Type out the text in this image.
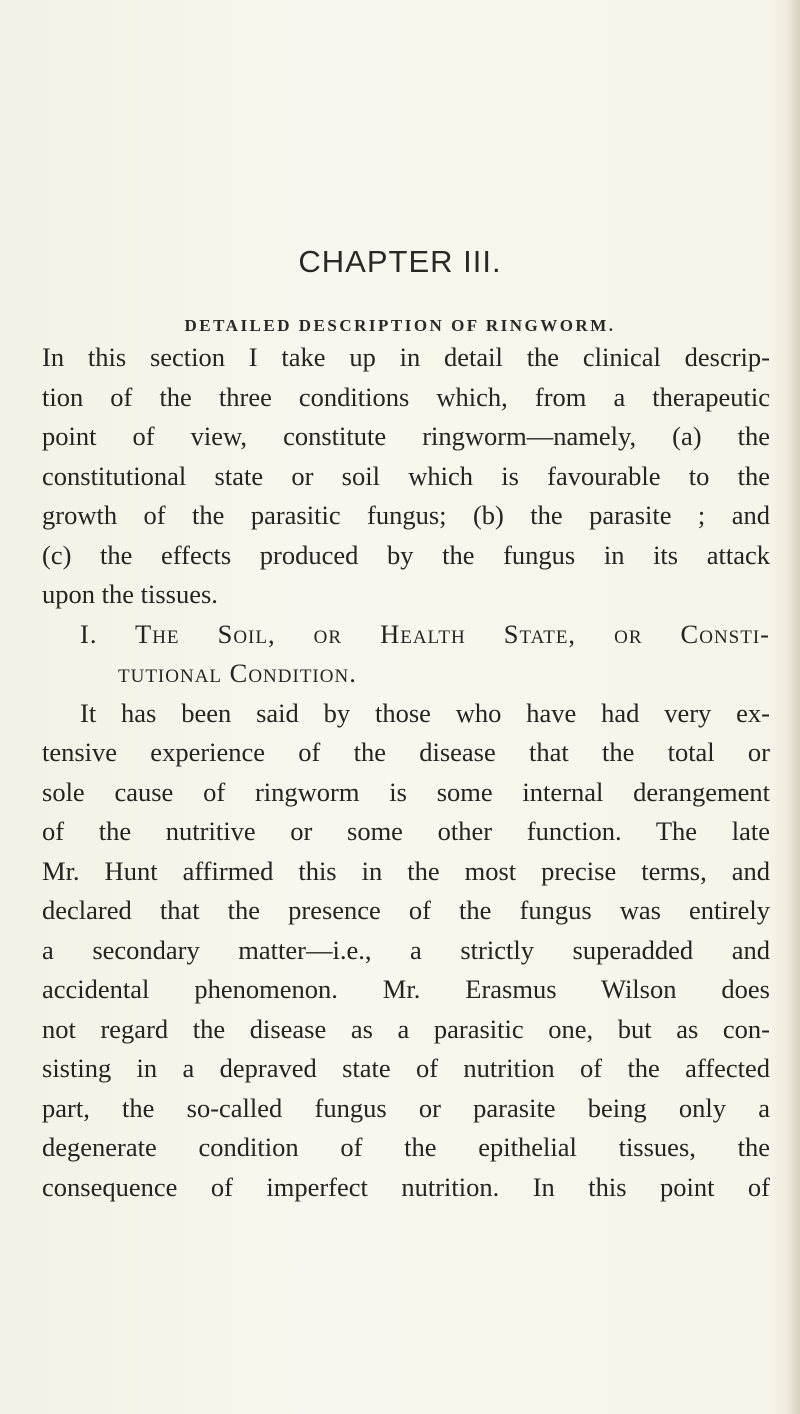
CHAPTER III.
DETAILED DESCRIPTION OF RINGWORM.
In this section I take up in detail the clinical descrip-
tion of the three conditions which, from a therapeutic
point of view, constitute ringworm—namely, (a) the
constitutional state or soil which is favourable to the
growth of the parasitic fungus; (b) the parasite ; and
(c) the effects produced by the fungus in its attack
upon the tissues.
I. The Soil, or Health State, or Consti-
tutional Condition.
It has been said by those who have had very ex-
tensive experience of the disease that the total or
sole cause of ringworm is some internal derangement
of the nutritive or some other function. The late
Mr. Hunt affirmed this in the most precise terms, and
declared that the presence of the fungus was entirely
a secondary matter—i.e., a strictly superadded and
accidental phenomenon. Mr. Erasmus Wilson does
not regard the disease as a parasitic one, but as con-
sisting in a depraved state of nutrition of the affected
part, the so-called fungus or parasite being only a
degenerate condition of the epithelial tissues, the
consequence of imperfect nutrition. In this point of
